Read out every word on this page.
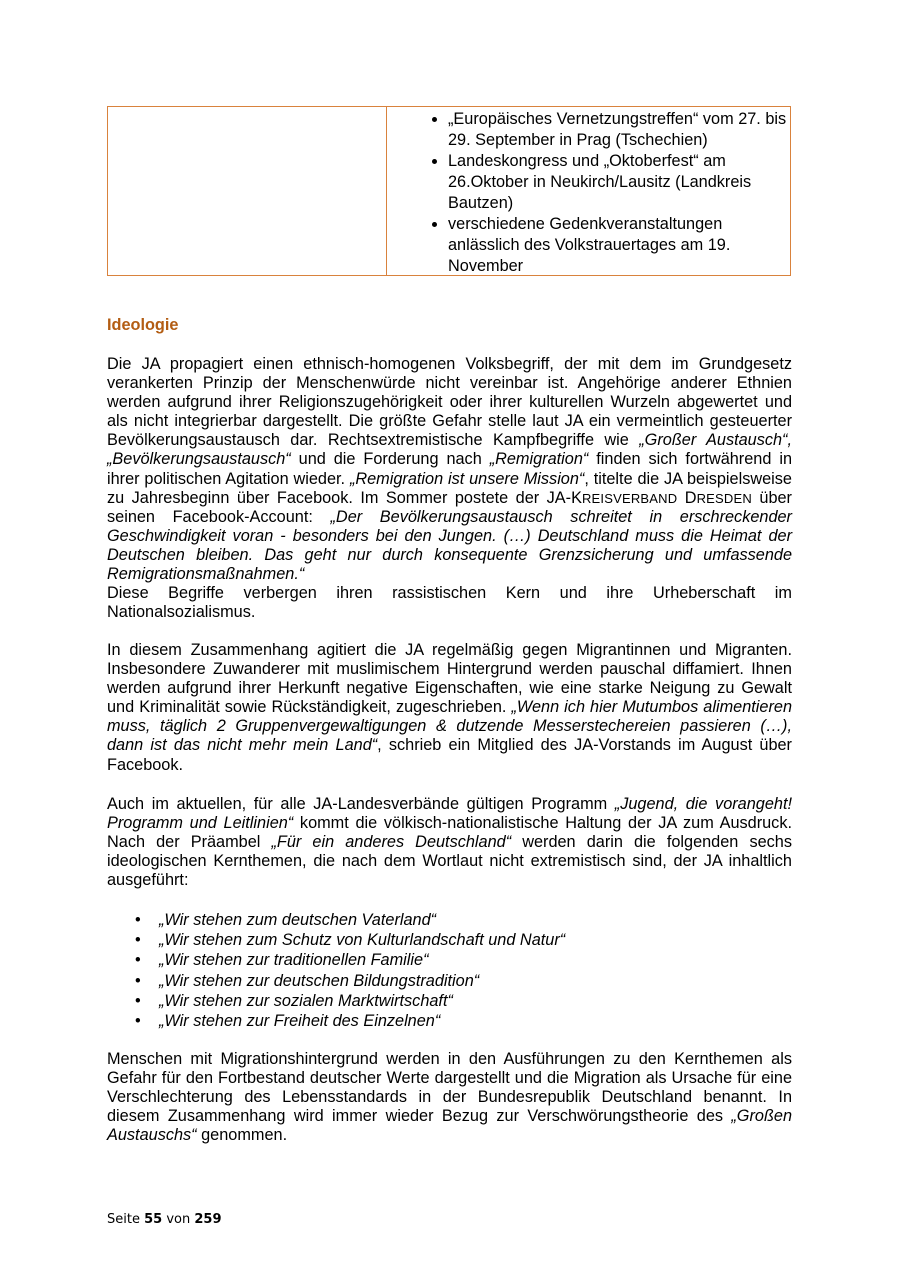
• „Europäisches Vernetzungstreffen“ vom 27. bis 29. September in Prag (Tschechien)
• Landeskongress und „Oktoberfest“ am 26.Oktober in Neukirch/Lausitz (Landkreis Bautzen)
• verschiedene Gedenkveranstaltungen anlässlich des Volkstrauertages am 19. November
Ideologie

Die JA propagiert einen ethnisch-homogenen Volksbegriff, der mit dem im Grundgesetz verankerten Prinzip der Menschenwürde nicht vereinbar ist. Angehörige anderer Ethnien werden aufgrund ihrer Religionszugehörigkeit oder ihrer kulturellen Wurzeln abgewertet und als nicht integrierbar dargestellt. Die größte Gefahr stelle laut JA ein vermeintlich gesteuerter Bevölkerungsaustausch dar. Rechtsextremistische Kampfbegriffe wie „Großer Austausch“, „Bevölkerungsaustausch“ und die Forderung nach „Remigration“ finden sich fortwährend in ihrer politischen Agitation wieder. „Remigration ist unsere Mission“, titelte die JA beispielsweise zu Jahresbeginn über Facebook. Im Sommer postete der JA-KREISVERBAND DRESDEN über seinen Facebook-Account: „Der Bevölkerungsaustausch schreitet in erschreckender Geschwindigkeit voran - besonders bei den Jungen. (…) Deutschland muss die Heimat der Deutschen bleiben. Das geht nur durch konsequente Grenzsicherung und umfassende Remigrationsmaßnahmen.“

Diese Begriffe verbergen ihren rassistischen Kern und ihre Urheberschaft im Nationalsozialismus.

In diesem Zusammenhang agitiert die JA regelmäßig gegen Migrantinnen und Migranten. Insbesondere Zuwanderer mit muslimischem Hintergrund werden pauschal diffamiert. Ihnen werden aufgrund ihrer Herkunft negative Eigenschaften, wie eine starke Neigung zu Gewalt und Kriminalität sowie Rückständigkeit, zugeschrieben. „Wenn ich hier Mutumbos alimentieren muss, täglich 2 Gruppenvergewaltigungen & dutzende Messerstechereien passieren (…), dann ist das nicht mehr mein Land“, schrieb ein Mitglied des JA-Vorstands im August über Facebook.

Auch im aktuellen, für alle JA-Landesverbände gültigen Programm „Jugend, die vorangeht! Programm und Leitlinien“ kommt die völkisch-nationalistische Haltung der JA zum Ausdruck. Nach der Präambel „Für ein anderes Deutschland“ werden darin die folgenden sechs ideologischen Kernthemen, die nach dem Wortlaut nicht extremistisch sind, der JA inhaltlich ausgeführt:

• „Wir stehen zum deutschen Vaterland“
• „Wir stehen zum Schutz von Kulturlandschaft und Natur“
• „Wir stehen zur traditionellen Familie“
• „Wir stehen zur deutschen Bildungstradition“
• „Wir stehen zur sozialen Marktwirtschaft“
• „Wir stehen zur Freiheit des Einzelnen“

Menschen mit Migrationshintergrund werden in den Ausführungen zu den Kernthemen als Gefahr für den Fortbestand deutscher Werte dargestellt und die Migration als Ursache für eine Verschlechterung des Lebensstandards in der Bundesrepublik Deutschland benannt. In diesem Zusammenhang wird immer wieder Bezug zur Verschwörungstheorie des „Großen Austauschs“ genommen.

Seite 55 von 259
